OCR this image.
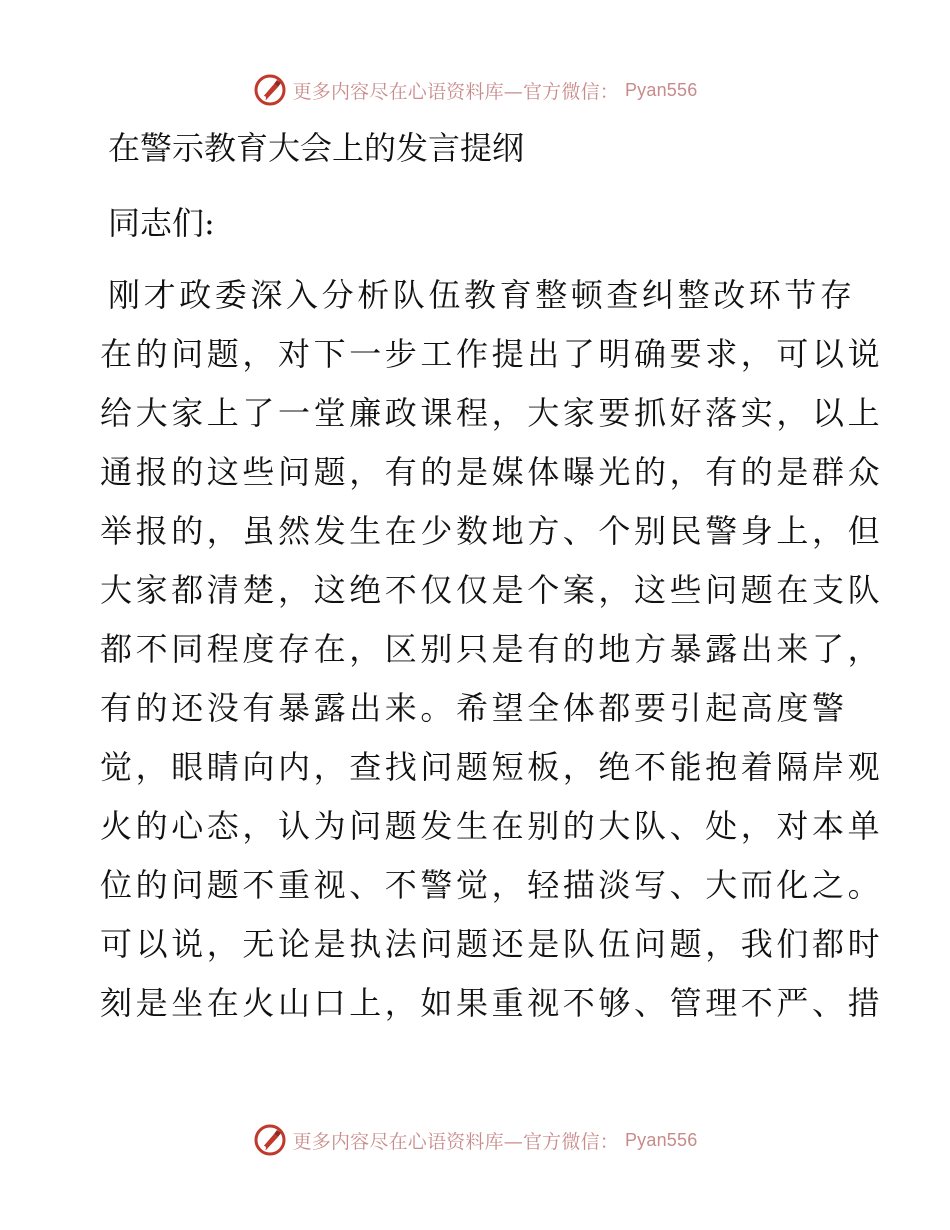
更多内容尽在心语资料库—官方微信： Pyan556
在警示教育大会上的发言提纲
同志们:
刚才政委深入分析队伍教育整顿查纠整改环节存
在的问题，对下一步工作提出了明确要求，可以说
给大家上了一堂廉政课程，大家要抓好落实，以上
通报的这些问题，有的是媒体曝光的，有的是群众
举报的，虽然发生在少数地方、个别民警身上，但
大家都清楚，这绝不仅仅是个案，这些问题在支队
都不同程度存在，区别只是有的地方暴露出来了，
有的还没有暴露出来。希望全体都要引起高度警
觉，眼睛向内，查找问题短板，绝不能抱着隔岸观
火的心态，认为问题发生在别的大队、处，对本单
位的问题不重视、不警觉，轻描淡写、大而化之。
可以说，无论是执法问题还是队伍问题，我们都时
刻是坐在火山口上，如果重视不够、管理不严、措
更多内容尽在心语资料库—官方微信： Pyan556
